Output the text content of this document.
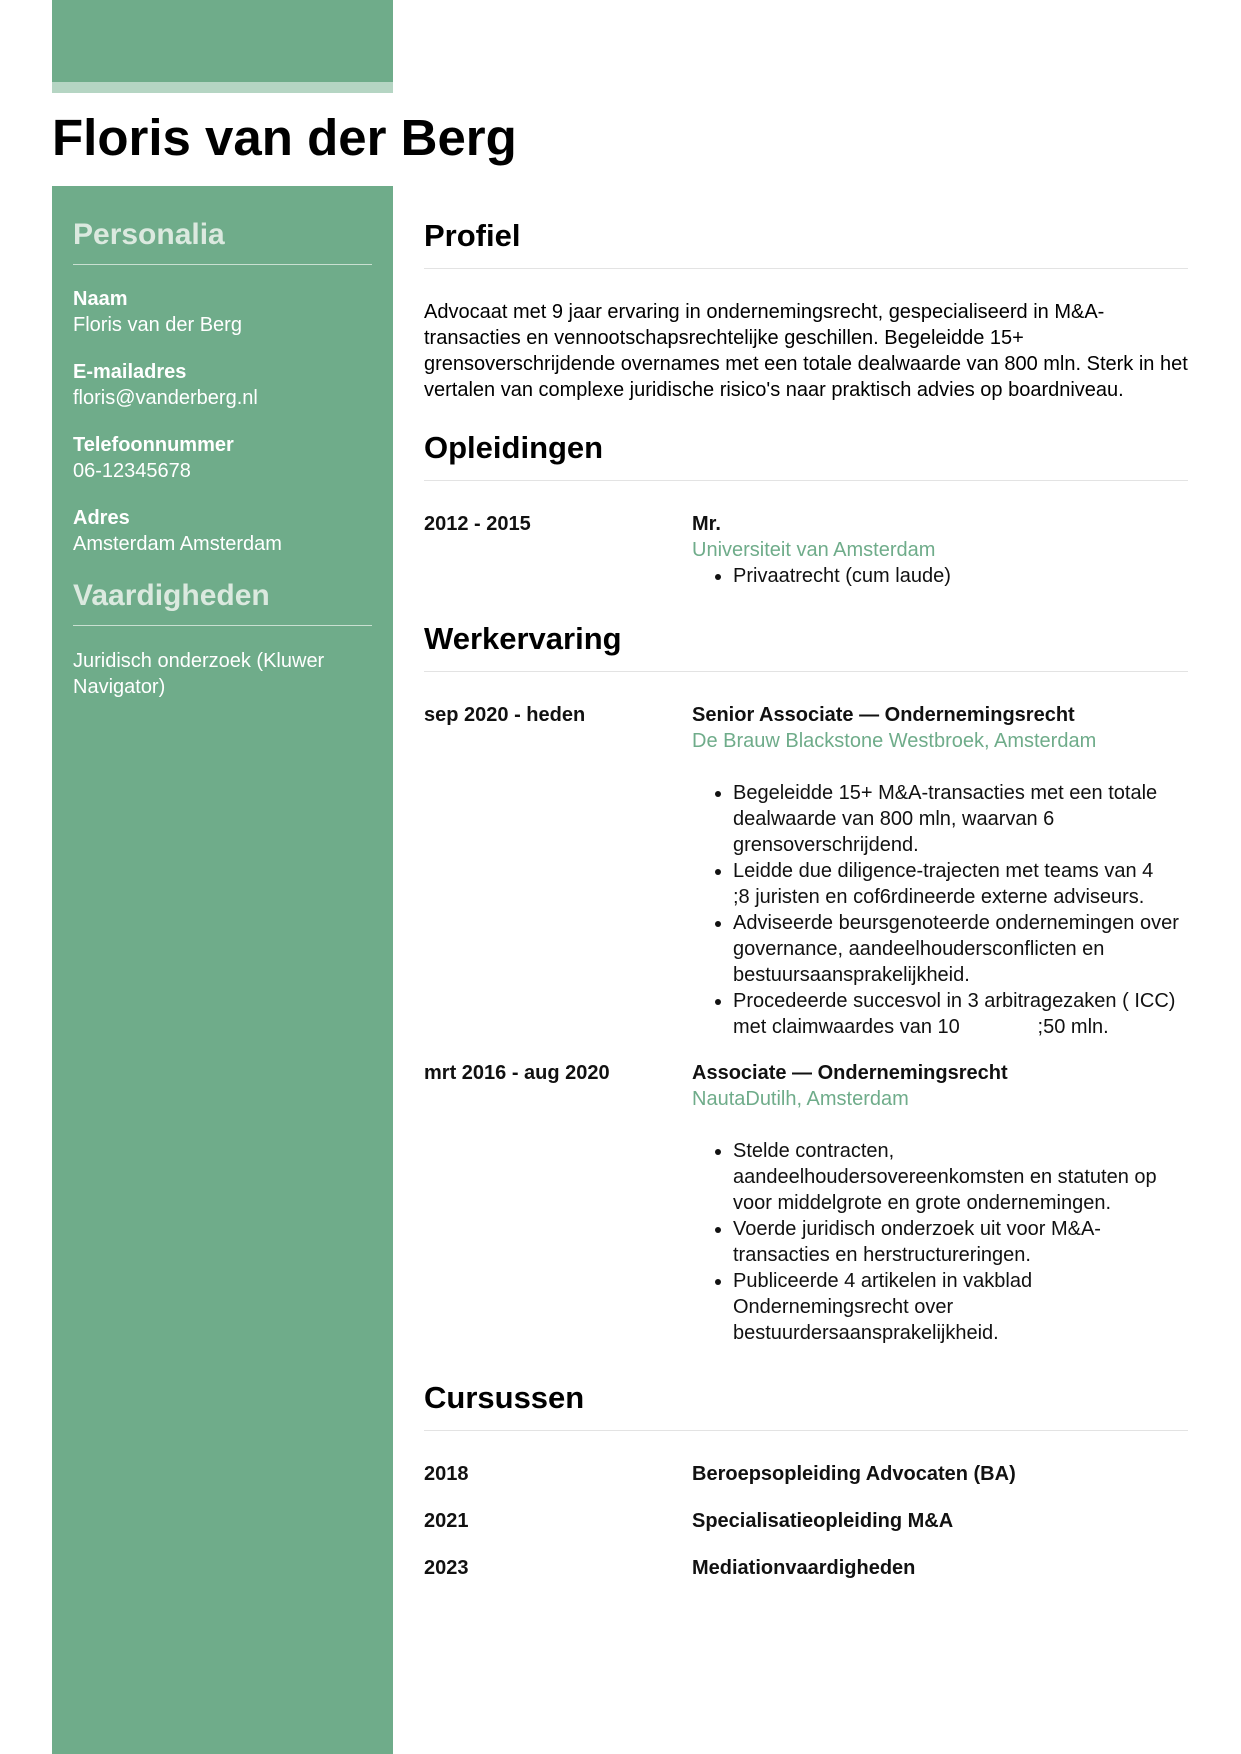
Floris van der Berg
Personalia
Naam
Floris van der Berg
E-mailadres
floris@vanderberg.nl
Telefoonnummer
06-12345678
Adres
Amsterdam Amsterdam
Vaardigheden
Juridisch onderzoek (Kluwer Navigator)
Profiel

Advocaat met 9 jaar ervaring in ondernemingsrecht, gespecialiseerd in M&A-transacties en vennootschapsrechtelijke geschillen. Begeleidde 15+ grensoverschrijdende overnames met een totale dealwaarde van 800 mln. Sterk in het vertalen van complexe juridische risico's naar praktisch advies op boardniveau.

Opleidingen
2012 - 2015	Mr.
Universiteit van Amsterdam
• Privaatrecht (cum laude)
Werkervaring
sep 2020 - heden	Senior Associate — Ondernemingsrecht
De Brauw Blackstone Westbroek, Amsterdam
• Begeleidde 15+ M&A-transacties met een totale dealwaarde van 800 mln, waarvan 6 grensoverschrijdend.
• Leidde due diligence-trajecten met teams van 4              ;8 juristen en cof6rdineerde externe adviseurs.
• Adviseerde beursgenoteerde ondernemingen over governance, aandeelhoudersconflicten en bestuursaansprakelijkheid.
• Procedeerde succesvol in 3 arbitragezaken ( ICC) met claimwaardes van 10              ;50 mln.
mrt 2016 - aug 2020	Associate — Ondernemingsrecht
NautaDutilh, Amsterdam
• Stelde contracten, aandeelhoudersovereenkomsten en statuten op voor middelgrote en grote ondernemingen.
• Voerde juridisch onderzoek uit voor M&A-transacties en herstructureringen.
• Publiceerde 4 artikelen in vakblad Ondernemingsrecht over bestuurdersaansprakelijkheid.
Cursussen
2018	Beroepsopleiding Advocaten (BA)
2021	Specialisatieopleiding M&A
2023	Mediationvaardigheden
